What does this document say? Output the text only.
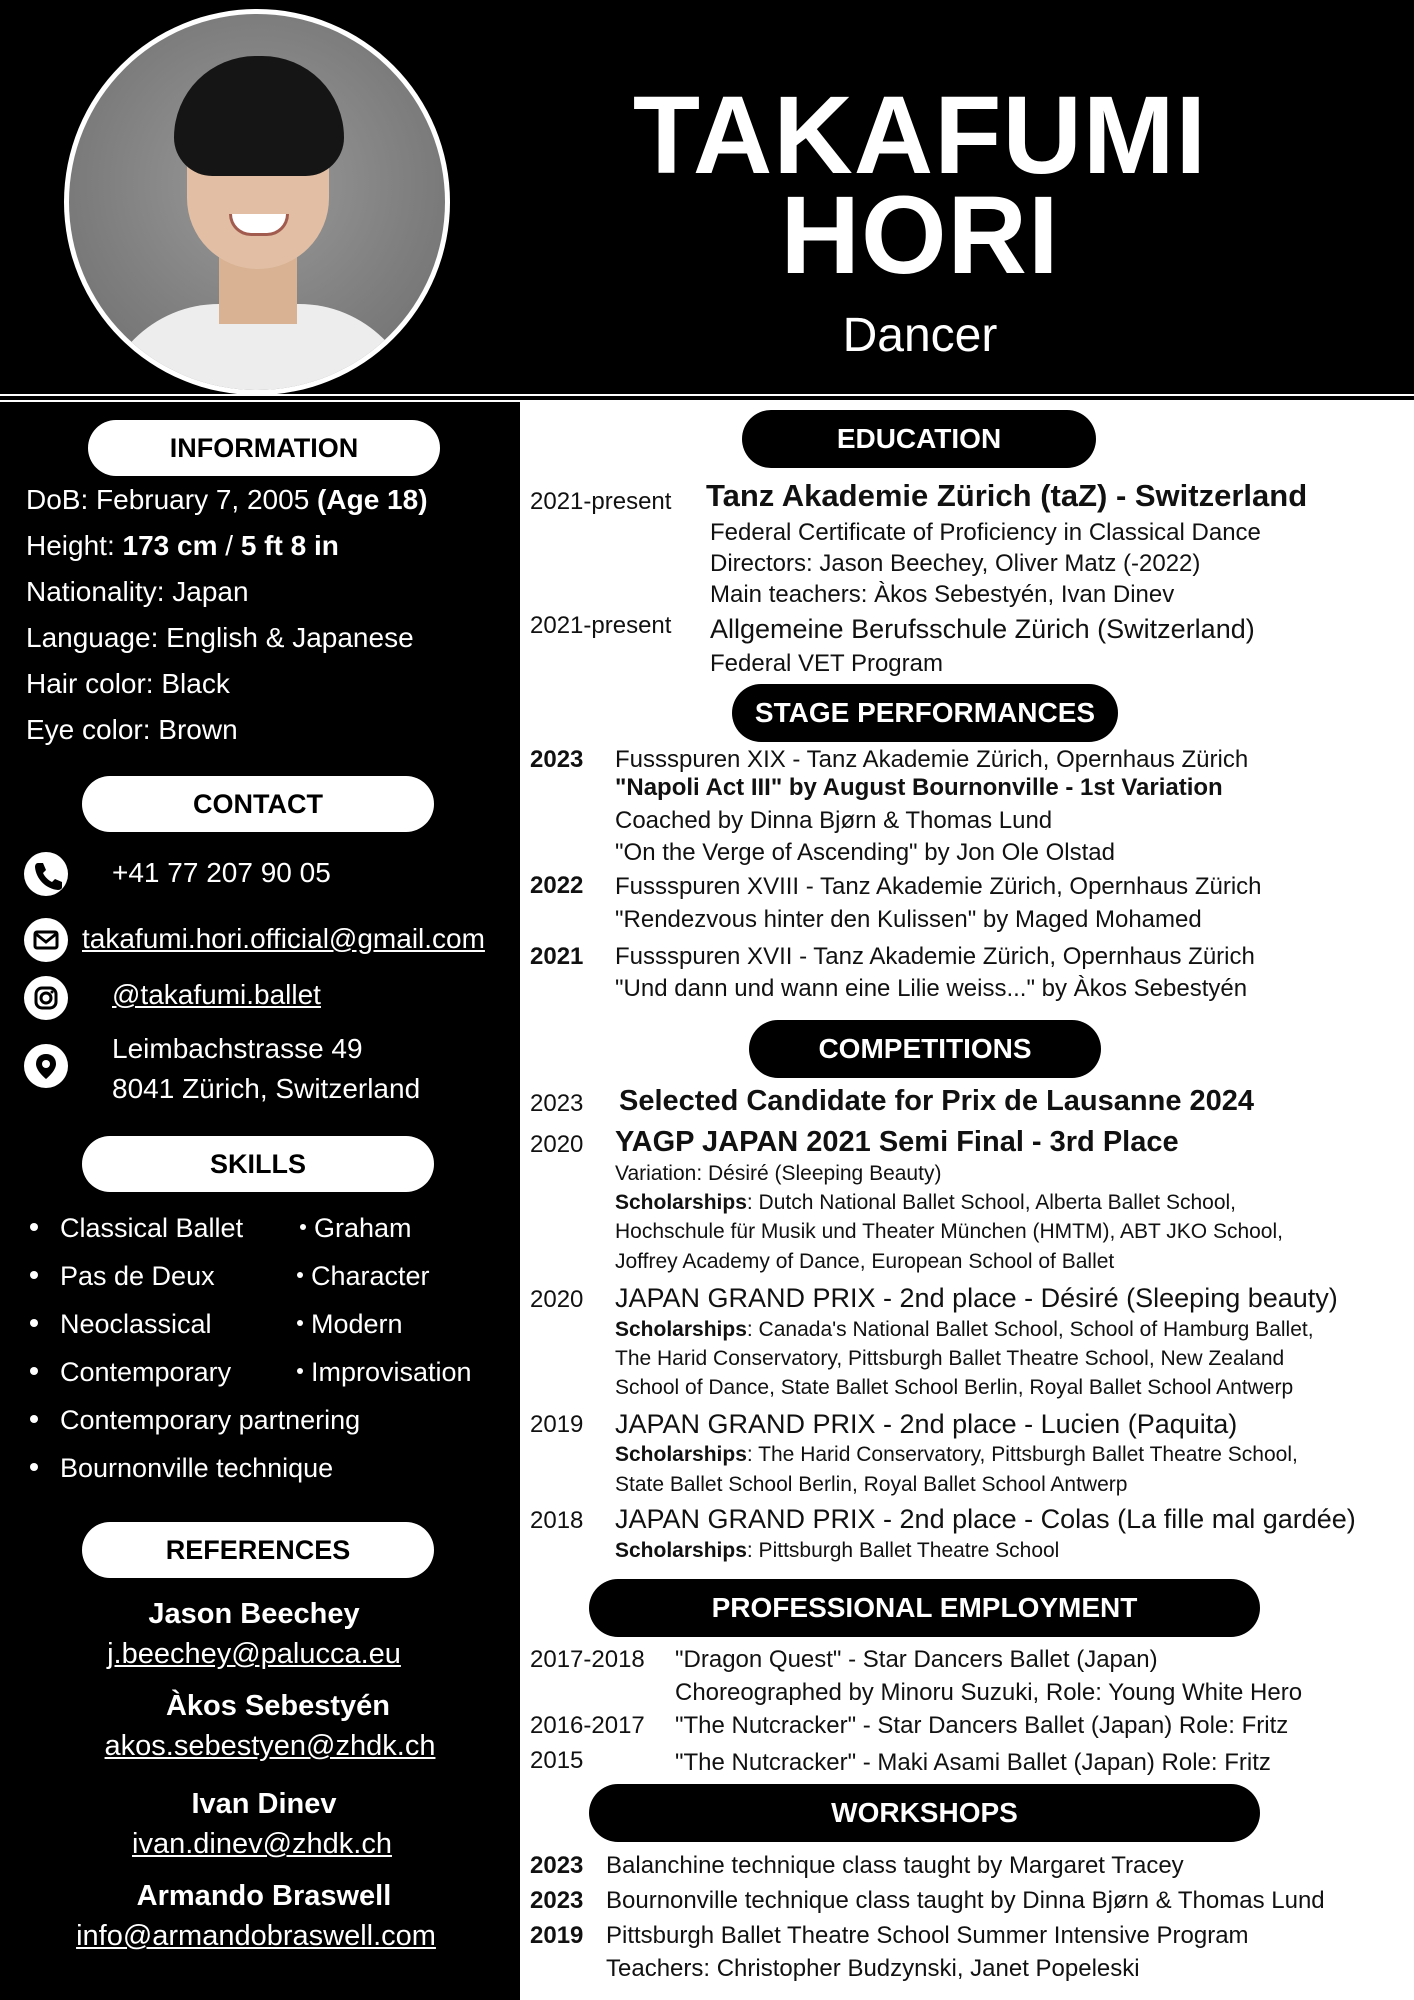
TAKAFUMI
HORI
Dancer
INFORMATION
DoB: February 7, 2005 (Age 18)
Height: 173 cm / 5 ft 8 in
Nationality: Japan
Language: English & Japanese
Hair color: Black
Eye color: Brown
CONTACT
+41 77 207 90 05
takafumi.hori.official@gmail.com
@takafumi.ballet
Leimbachstrasse 49
8041 Zürich, Switzerland
SKILLS
Classical Ballet
Pas de Deux
Neoclassical
Contemporary
Contemporary partnering
Bournonville technique
Graham
Character
Modern
Improvisation
REFERENCES
Jason Beechey
j.beechey@palucca.eu
Àkos Sebestyén
akos.sebestyen@zhdk.ch
Ivan Dinev
ivan.dinev@zhdk.ch
Armando Braswell
info@armandobraswell.com
EDUCATION
2021-present Tanz Akademie Zürich (taZ) - Switzerland
Federal Certificate of Proficiency in Classical Dance
Directors: Jason Beechey, Oliver Matz (-2022)
Main teachers: Àkos Sebestyén, Ivan Dinev
2021-present Allgemeine Berufsschule Zürich (Switzerland)
Federal VET Program
STAGE PERFORMANCES
2023 Fussspuren XIX - Tanz Akademie Zürich, Opernhaus Zürich
"Napoli Act III" by August Bournonville - 1st Variation
Coached by Dinna Bjørn & Thomas Lund
"On the Verge of Ascending" by Jon Ole Olstad
2022 Fussspuren XVIII - Tanz Akademie Zürich, Opernhaus Zürich
"Rendezvous hinter den Kulissen" by Maged Mohamed
2021 Fussspuren XVII - Tanz Akademie Zürich, Opernhaus Zürich
"Und dann und wann eine Lilie weiss..." by Àkos Sebestyén
COMPETITIONS
2023 Selected Candidate for Prix de Lausanne 2024
2020 YAGP JAPAN 2021 Semi Final - 3rd Place
Variation: Désiré (Sleeping Beauty)
Scholarships: Dutch National Ballet School, Alberta Ballet School,
Hochschule für Musik und Theater München (HMTM), ABT JKO School,
Joffrey Academy of Dance, European School of Ballet
2020 JAPAN GRAND PRIX - 2nd place - Désiré (Sleeping beauty)
Scholarships: Canada's National Ballet School, School of Hamburg Ballet,
The Harid Conservatory, Pittsburgh Ballet Theatre School, New Zealand
School of Dance, State Ballet School Berlin, Royal Ballet School Antwerp
2019 JAPAN GRAND PRIX - 2nd place - Lucien (Paquita)
Scholarships: The Harid Conservatory, Pittsburgh Ballet Theatre School,
State Ballet School Berlin, Royal Ballet School Antwerp
2018 JAPAN GRAND PRIX - 2nd place - Colas (La fille mal gardée)
Scholarships: Pittsburgh Ballet Theatre School
PROFESSIONAL EMPLOYMENT
2017-2018 "Dragon Quest" - Star Dancers Ballet (Japan)
Choreographed by Minoru Suzuki, Role: Young White Hero
2016-2017 "The Nutcracker" - Star Dancers Ballet (Japan) Role: Fritz
2015	"The Nutcracker" - Maki Asami Ballet (Japan) Role: Fritz
WORKSHOPS
2023 Balanchine technique class taught by Margaret Tracey
2023 Bournonville technique class taught by Dinna Bjørn & Thomas Lund
2019 Pittsburgh Ballet Theatre School Summer Intensive Program
Teachers: Christopher Budzynski, Janet Popeleski
